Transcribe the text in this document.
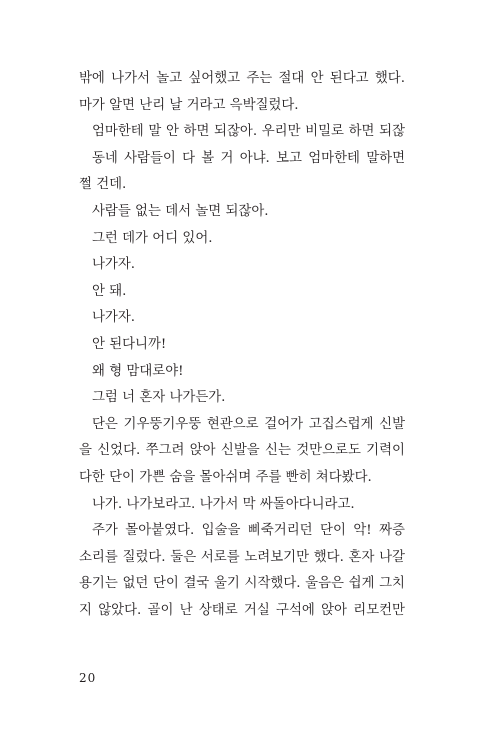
밖에 나가서 놀고 싶어했고 주는 절대 안 된다고 했다.
마가 알면 난리 날 거라고 윽박질렀다.
엄마한테 말 안 하면 되잖아. 우리만 비밀로 하면 되잖
동네 사람들이 다 볼 거 아냐. 보고 엄마한테 말하면
쩔 건데.
사람들 없는 데서 놀면 되잖아.
그런 데가 어디 있어.
나가자.
안 돼.
나가자.
안 된다니까!
왜 형 맘대로야!
그럼 너 혼자 나가든가.
단은 기우뚱기우뚱 현관으로 걸어가 고집스럽게 신발
을 신었다. 쭈그려 앉아 신발을 신는 것만으로도 기력이
다한 단이 가쁜 숨을 몰아쉬며 주를 빤히 쳐다봤다.
나가. 나가보라고. 나가서 막 싸돌아다니라고.
주가 몰아붙였다. 입술을 삐죽거리던 단이 악! 짜증
소리를 질렀다. 둘은 서로를 노려보기만 했다. 혼자 나갈
용기는 없던 단이 결국 울기 시작했다. 울음은 쉽게 그치
지 않았다. 골이 난 상태로 거실 구석에 앉아 리모컨만
20
